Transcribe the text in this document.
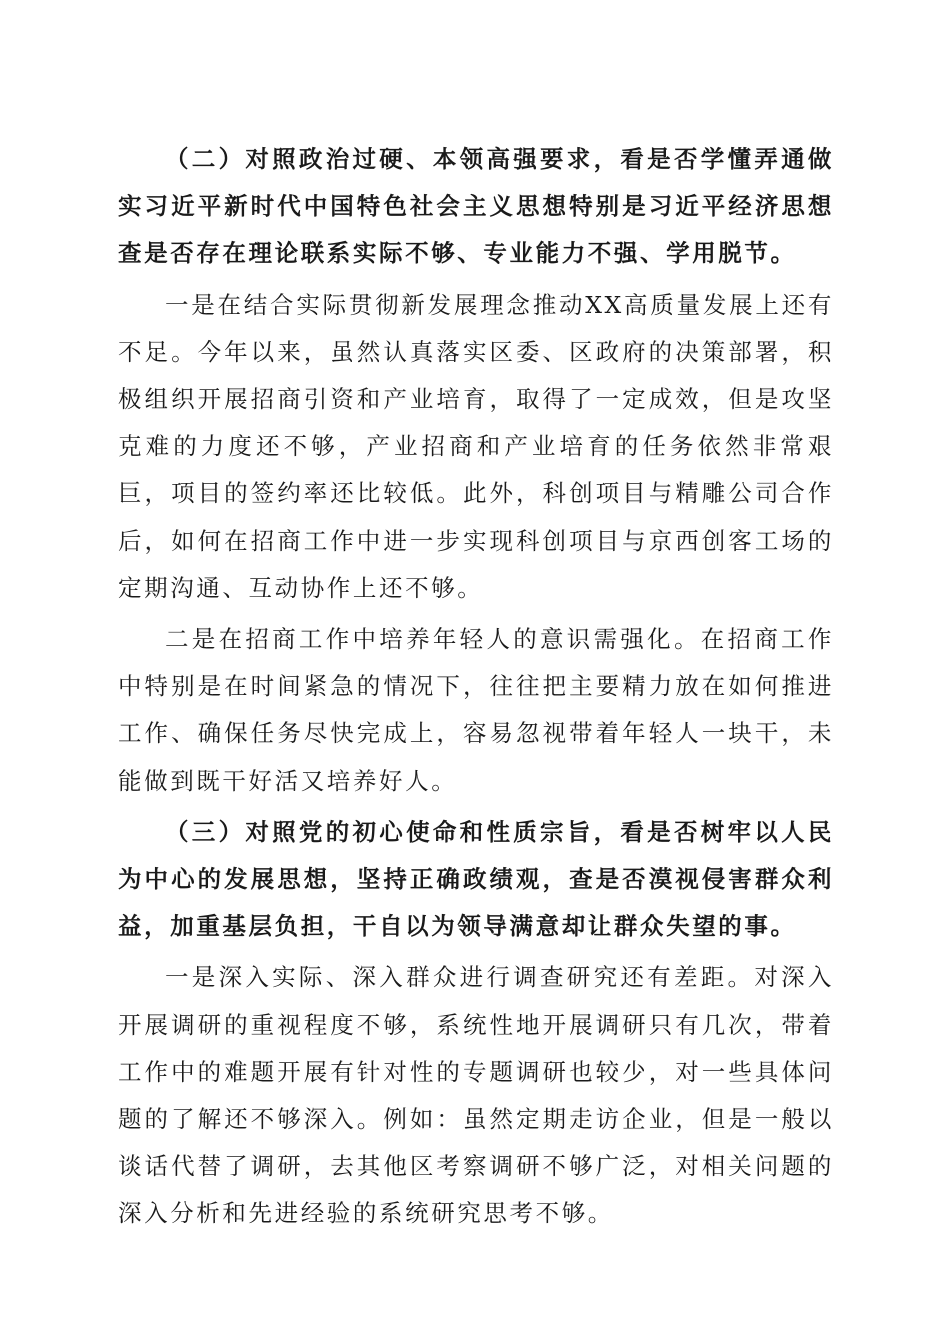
（二）对照政治过硬、本领高强要求，看是否学懂弄通做实习近平新时代中国特色社会主义思想特别是习近平经济思想查是否存在理论联系实际不够、专业能力不强、学用脱节。

一是在结合实际贯彻新发展理念推动XX高质量发展上还有不足。今年以来，虽然认真落实区委、区政府的决策部署，积极组织开展招商引资和产业培育，取得了一定成效，但是攻坚克难的力度还不够，产业招商和产业培育的任务依然非常艰巨，项目的签约率还比较低。此外，科创项目与精雕公司合作后，如何在招商工作中进一步实现科创项目与京西创客工场的定期沟通、互动协作上还不够。

二是在招商工作中培养年轻人的意识需强化。在招商工作中特别是在时间紧急的情况下，往往把主要精力放在如何推进工作、确保任务尽快完成上，容易忽视带着年轻人一块干，未能做到既干好活又培养好人。

（三）对照党的初心使命和性质宗旨，看是否树牢以人民为中心的发展思想，坚持正确政绩观，查是否漠视侵害群众利益，加重基层负担，干自以为领导满意却让群众失望的事。

一是深入实际、深入群众进行调查研究还有差距。对深入开展调研的重视程度不够，系统性地开展调研只有几次，带着工作中的难题开展有针对性的专题调研也较少，对一些具体问题的了解还不够深入。例如：虽然定期走访企业，但是一般以谈话代替了调研，去其他区考察调研不够广泛，对相关问题的深入分析和先进经验的系统研究思考不够。
